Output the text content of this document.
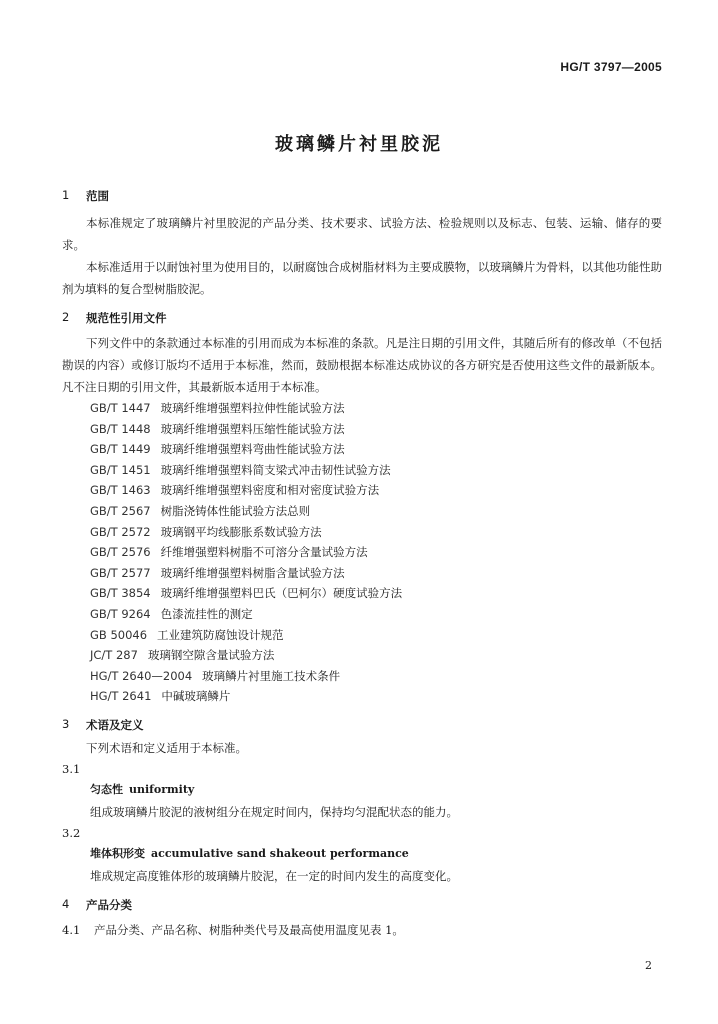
HG/T 3797—2005
玻璃鳞片衬里胶泥
1	范围
本标准规定了玻璃鳞片衬里胶泥的产品分类、技术要求、试验方法、检验规则以及标志、包装、运输、储存的要求。
本标准适用于以耐蚀衬里为使用目的，以耐腐蚀合成树脂材料为主要成膜物，以玻璃鳞片为骨料，以其他功能性助剂为填料的复合型树脂胶泥。
2	规范性引用文件
下列文件中的条款通过本标准的引用而成为本标准的条款。凡是注日期的引用文件，其随后所有的修改单（不包括勘误的内容）或修订版均不适用于本标准，然而，鼓励根据本标准达成协议的各方研究是否使用这些文件的最新版本。凡不注日期的引用文件，其最新版本适用于本标准。
GB/T 1447 玻璃纤维增强塑料拉伸性能试验方法
GB/T 1448 玻璃纤维增强塑料压缩性能试验方法
GB/T 1449 玻璃纤维增强塑料弯曲性能试验方法
GB/T 1451 玻璃纤维增强塑料简支梁式冲击韧性试验方法
GB/T 1463 玻璃纤维增强塑料密度和相对密度试验方法
GB/T 2567 树脂浇铸体性能试验方法总则
GB/T 2572 玻璃钢平均线膨胀系数试验方法
GB/T 2576 纤维增强塑料树脂不可溶分含量试验方法
GB/T 2577 玻璃纤维增强塑料树脂含量试验方法
GB/T 3854 玻璃纤维增强塑料巴氏（巴柯尔）硬度试验方法
GB/T 9264 色漆流挂性的测定
GB 50046 工业建筑防腐蚀设计规范
JC/T 287 玻璃钢空隙含量试验方法
HG/T 2640—2004 玻璃鳞片衬里施工技术条件
HG/T 2641 中碱玻璃鳞片
3	术语及定义
下列术语和定义适用于本标准。
3.1
匀态性 uniformity
组成玻璃鳞片胶泥的液树组分在规定时间内，保持均匀混配状态的能力。
3.2
堆体积形变 accumulative sand shakeout performance
堆成规定高度锥体形的玻璃鳞片胶泥，在一定的时间内发生的高度变化。
4	产品分类
4.1 产品分类、产品名称、树脂种类代号及最高使用温度见表 1。
2
